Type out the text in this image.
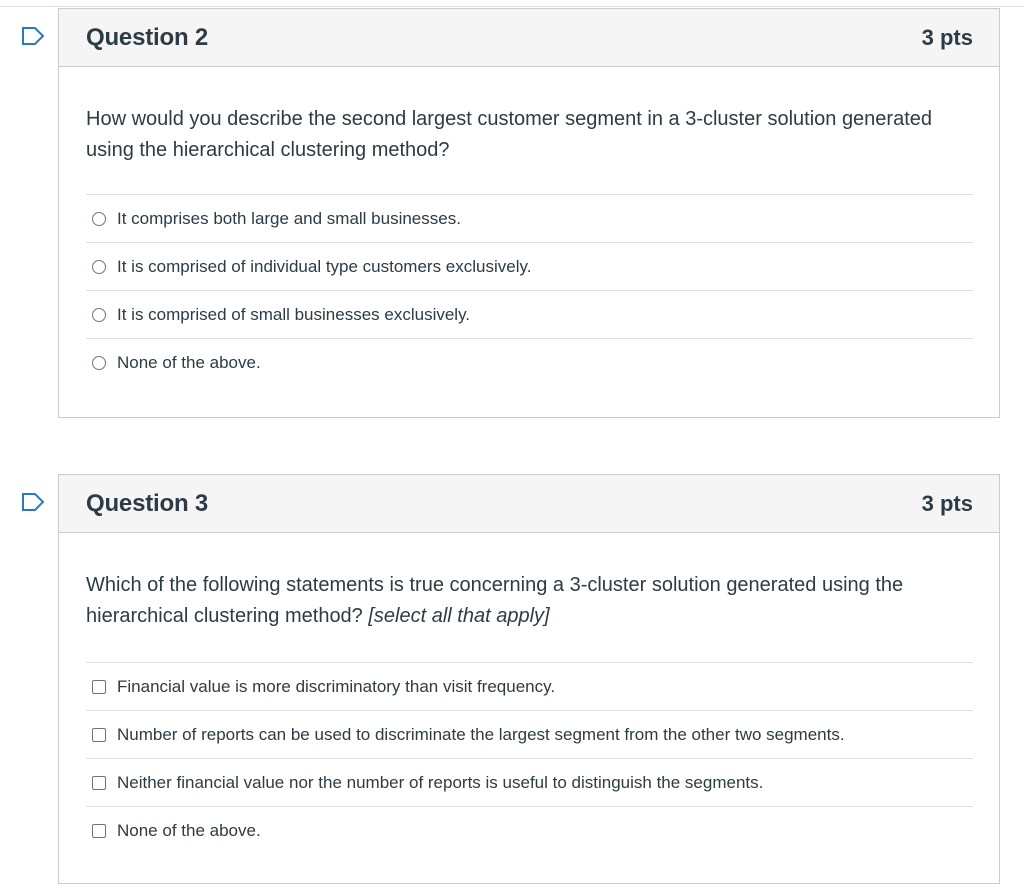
Question 2	3 pts

How would you describe the second largest customer segment in a 3-cluster solution generated using the hierarchical clustering method?

It comprises both large and small businesses.
It is comprised of individual type customers exclusively.
It is comprised of small businesses exclusively.
None of the above.
Question 3	3 pts

Which of the following statements is true concerning a 3-cluster solution generated using the hierarchical clustering method? [select all that apply]

Financial value is more discriminatory than visit frequency.
Number of reports can be used to discriminate the largest segment from the other two segments.
Neither financial value nor the number of reports is useful to distinguish the segments.
None of the above.
